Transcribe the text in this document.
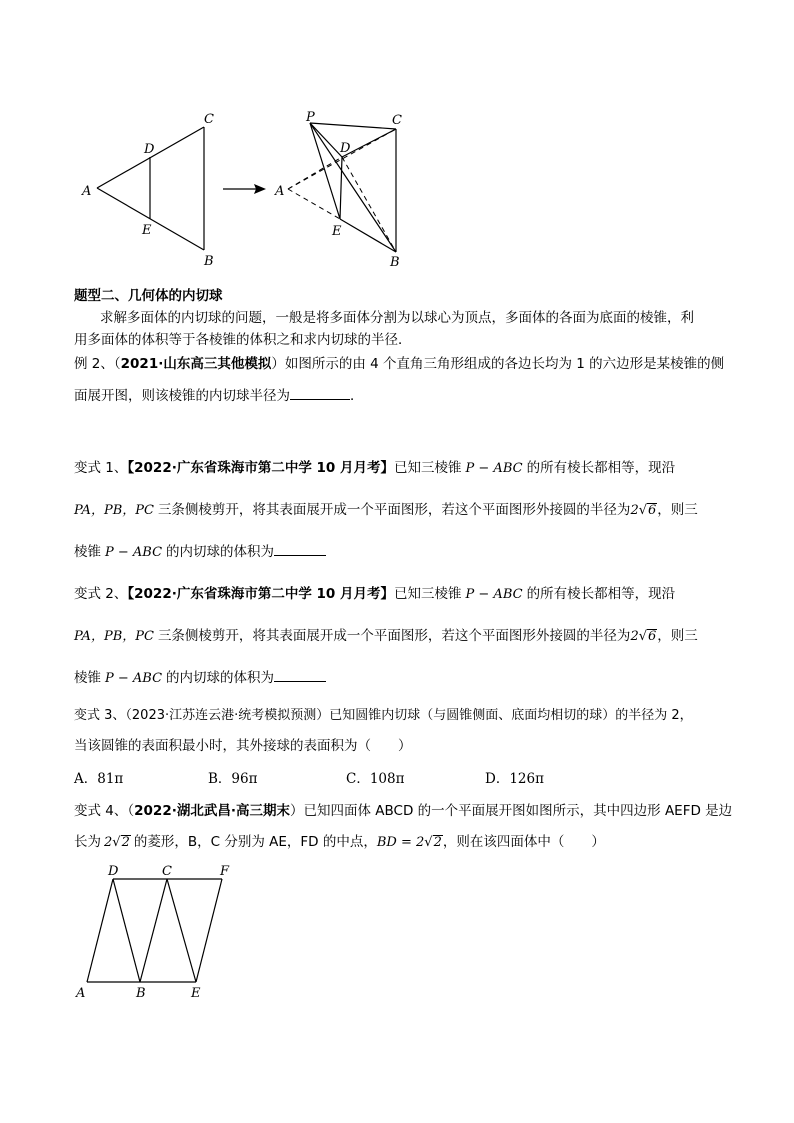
A
C
D
E
B
P	C
D
A
E
B
题型二、几何体的内切球
求解多面体的内切球的问题，一般是将多面体分割为以球心为顶点，多面体的各面为底面的棱锥，利
用多面体的体积等于各棱锥的体积之和求内切球的半径．
例 2、（2021·山东高三其他模拟）如图所示的由 4 个直角三角形组成的各边长均为 1 的六边形是某棱锥的侧
面展开图，则该棱锥的内切球半径为	．
变式 1、【2022·广东省珠海市第二中学 10 月月考】已知三棱锥 P − ABC 的所有棱长都相等，现沿
PA，PB，PC 三条侧棱剪开，将其表面展开成一个平面图形，若这个平面图形外接圆的半径为2√6，则三
棱锥 P − ABC 的内切球的体积为
变式 2、【2022·广东省珠海市第二中学 10 月月考】已知三棱锥 P − ABC 的所有棱长都相等，现沿
PA，PB，PC 三条侧棱剪开，将其表面展开成一个平面图形，若这个平面图形外接圆的半径为2√6，则三
棱锥 P − ABC 的内切球的体积为
变式 3、（2023·江苏连云港·统考模拟预测）已知圆锥内切球（与圆锥侧面、底面均相切的球）的半径为 2，
当该圆锥的表面积最小时，其外接球的表面积为（　　）
A．81π	B．96π	C．108π	D．126π
变式 4、（2022·湖北武昌·高三期末）已知四面体 ABCD 的一个平面展开图如图所示，其中四边形 AEFD 是边
长为 2√2 的菱形，B，C 分别为 AE，FD 的中点，BD = 2√2，则在该四面体中（　　）
D	C	F
A	B	E
